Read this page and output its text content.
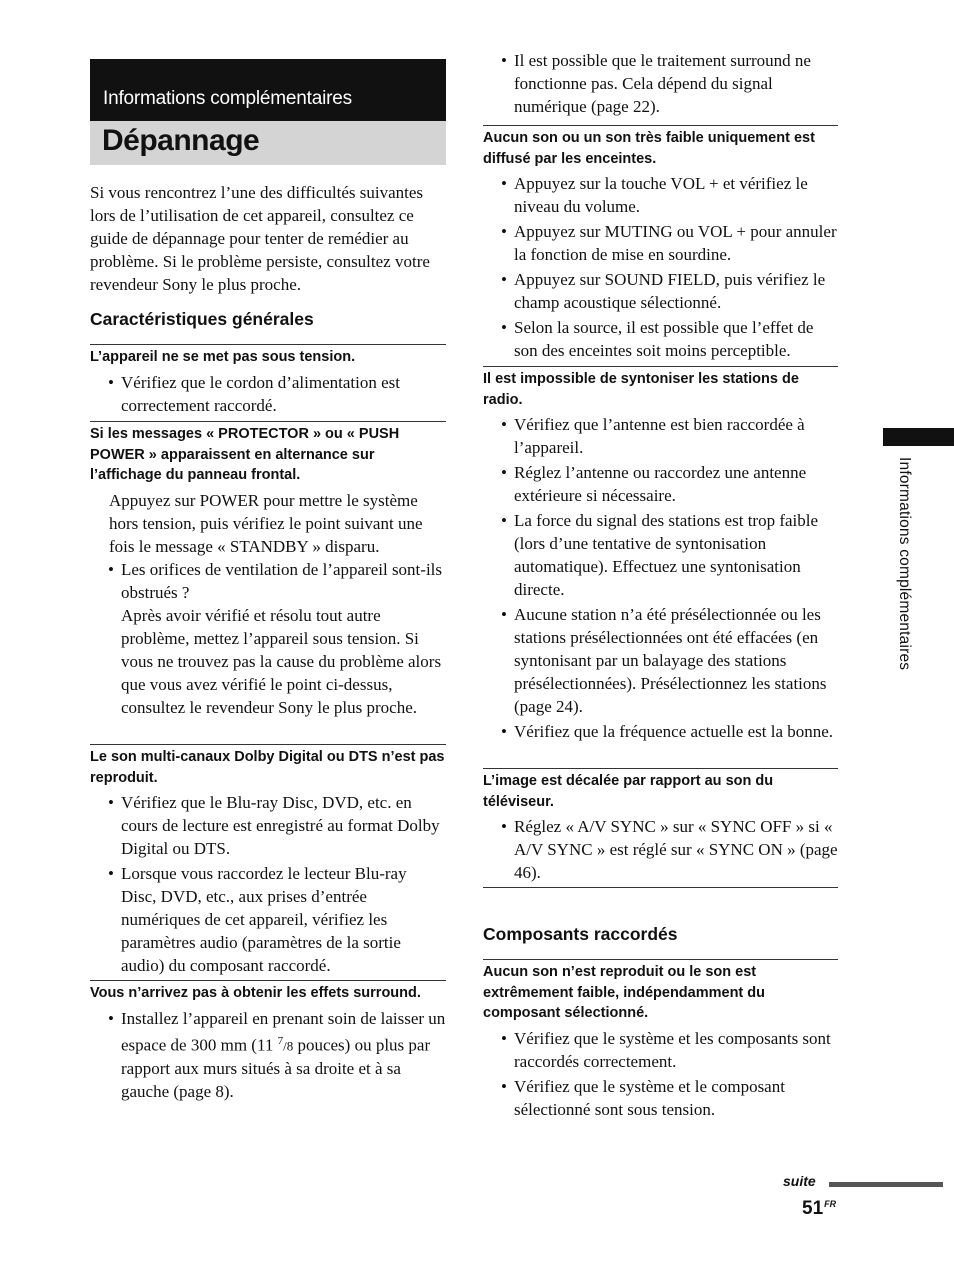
Informations complémentaires
Dépannage

Si vous rencontrez l’une des difficultés suivantes lors de l’utilisation de cet appareil, consultez ce guide de dépannage pour tenter de remédier au problème. Si le problème persiste, consultez votre revendeur Sony le plus proche.

Caractéristiques générales
L’appareil ne se met pas sous tension.
• Vérifiez que le cordon d’alimentation est correctement raccordé.
Si les messages « PROTECTOR » ou « PUSH POWER » apparaissent en alternance sur l’affichage du panneau frontal.

Appuyez sur POWER pour mettre le système hors tension, puis vérifiez le point suivant une fois le message « STANDBY » disparu.

• Les orifices de ventilation de l’appareil sont-ils obstrués ?
Après avoir vérifié et résolu tout autre problème, mettez l’appareil sous tension. Si vous ne trouvez pas la cause du problème alors que vous avez vérifié le point ci-dessus, consultez le revendeur Sony le plus proche.
Le son multi-canaux Dolby Digital ou DTS n’est pas reproduit.
• Vérifiez que le Blu-ray Disc, DVD, etc. en cours de lecture est enregistré au format Dolby Digital ou DTS.
• Lorsque vous raccordez le lecteur Blu-ray Disc, DVD, etc., aux prises d’entrée numériques de cet appareil, vérifiez les paramètres audio (paramètres de la sortie audio) du composant raccordé.
Vous n’arrivez pas à obtenir les effets surround.
• Installez l’appareil en prenant soin de laisser un espace de 300 mm (11 $^7$/8 pouces) ou plus par rapport aux murs situés à sa droite et à sa gauche (page 8).
• Il est possible que le traitement surround ne fonctionne pas. Cela dépend du signal numérique (page 22).
Aucun son ou un son très faible uniquement est diffusé par les enceintes.
• Appuyez sur la touche VOL + et vérifiez le niveau du volume.
• Appuyez sur MUTING ou VOL + pour annuler la fonction de mise en sourdine.
• Appuyez sur SOUND FIELD, puis vérifiez le champ acoustique sélectionné.
• Selon la source, il est possible que l’effet de son des enceintes soit moins perceptible.
Il est impossible de syntoniser les stations de radio.
• Vérifiez que l’antenne est bien raccordée à l’appareil.
• Réglez l’antenne ou raccordez une antenne extérieure si nécessaire.
• La force du signal des stations est trop faible (lors d’une tentative de syntonisation automatique). Effectuez une syntonisation directe.
• Aucune station n’a été présélectionnée ou les stations présélectionnées ont été effacées (en syntonisant par un balayage des stations présélectionnées). Présélectionnez les stations (page 24).
• Vérifiez que la fréquence actuelle est la bonne.
L’image est décalée par rapport au son du téléviseur.
• Réglez « A/V SYNC » sur « SYNC OFF » si « A/V SYNC » est réglé sur « SYNC ON » (page 46).
Composants raccordés
Aucun son n’est reproduit ou le son est extrêmement faible, indépendamment du composant sélectionné.
• Vérifiez que le système et les composants sont raccordés correctement.
• Vérifiez que le système et le composant sélectionné sont sous tension.
Informations complémentaires
suite
$51^{FR}$
